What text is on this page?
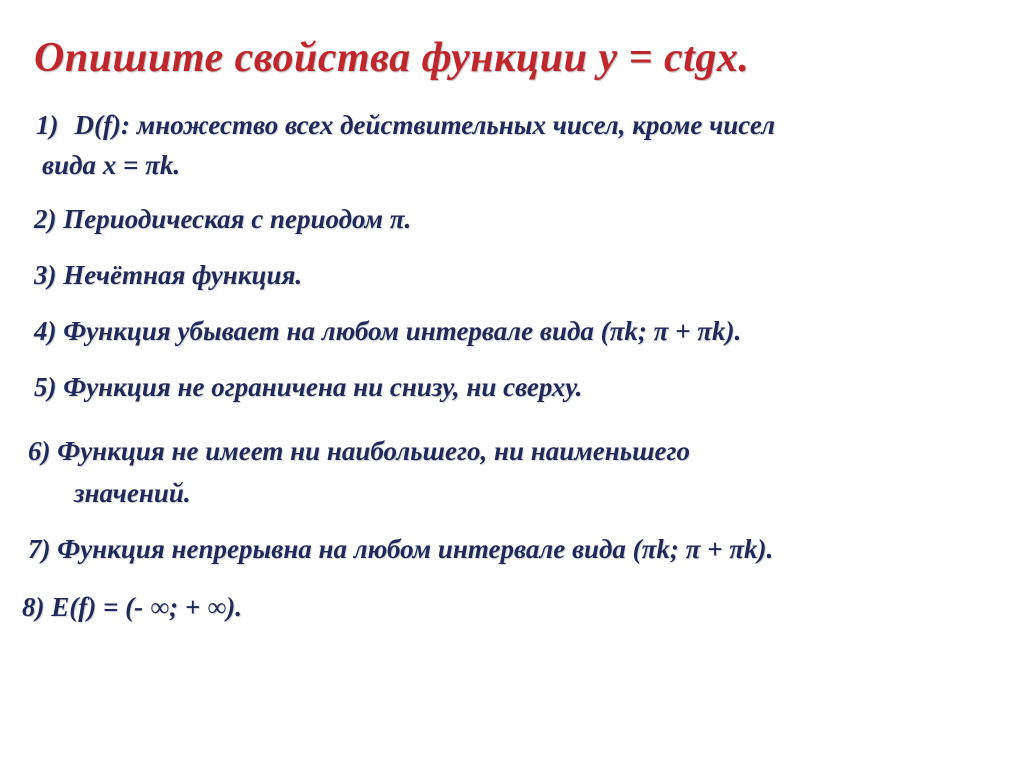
Опишите свойства функции y = ctgx.
1) D(f): множество всех действительных чисел, кроме чисел
вида x = πk.
2) Периодическая с периодом π.
3) Нечётная функция.
4) Функция убывает на любом интервале вида (πk; π + πk).
5) Функция не ограничена ни снизу, ни сверху.
6) Функция не имеет ни наибольшего, ни наименьшего
значений.
7) Функция непрерывна на любом интервале вида (πk; π + πk).
8) E(f) = (- ∞; + ∞).
